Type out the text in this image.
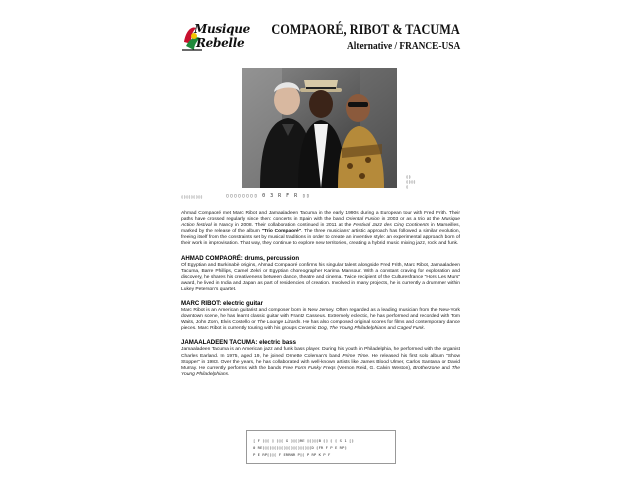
Musique
Rebelle
COMPAORÉ, RIBOT & TACUMA
Alternative / FRANCE-USA
▯▯
▯▯▯▯
▯
▯▯▯▯▯▯▯▯▯	▯▯▯▯▯▯▯▯ 0 3 R F R ▯▯

Ahmad Compaoré met Marc Ribot and Jamaaladeen Tacuma in the early 1990s during a European tour with Fred Frith. Their paths have crossed regularly since then: concerts in Spain with the band Oriental Fusion in 2003 or as a trio at the Musique Action festival in Nancy in 2008. Their collaboration continued in 2011 at the Festival Jazz des Cinq Continents in Marseilles, marked by the release of the album "Trio Compaoré". The three musicians' artistic approach has followed a similar evolution, freeing itself from the constraints set by musical traditions in order to create an inventive style: an experimental approach born of their work in improvisation. That way, they continue to explore new territories, creating a hybrid music mixing jazz, rock and funk.

AHMAD COMPAORÉ: drums, percussion

Of Egyptian and Burkinabè origins, Ahmad Compaoré confirms his singular talent alongside Fred Frith, Marc Ribot, Jamaaladeen Tacuma, Barre Phillips, Camel Zekri or Egyptian choreographer Karima Mansour. With a constant craving for exploration and discovery, he shares his creativeness between dance, theatre and cinema. Twice recipient of the Culturesfrance "Hors Les Murs" award, he lived in India and Japan as part of residencies of creation. Involved in many projects, he is currently a drummer within Lukey Peterson's quartet.

MARC RIBOT: electric guitar

Marc Ribot is an American guitarist and composer born in New Jersey. Often regarded as a leading musician from the New-York downtown scene, he has learnt classic guitar with Frantz Casseus. Extremely eclectic, he has performed and recorded with Tom Waits, John Zorn, Elvis Costello or The Lounge Lizards. He has also composed original scores for films and contemporary dance pieces. Marc Ribot is currently touring with his groups Ceramic Dog, The Young Philadelphians and Caged Funk.

JAMAALADEEN TACUMA: electric bass

Jamaaladeen Tacuma is an American jazz and funk bass player. During his youth in Philadelphia, he performed with the organist Charles Earland. In 1975, aged 19, he joined Ornette Coleman's band Prime Time. He released his first solo album "Show Stopper" in 1983. Over the years, he has collaborated with well-known artists like James Blood Ulmer, Carlos Santana or David Murray. He currently performs with the bands Free Form Funky Freqs (Vernon Reid, G. Calvin Weston), Brotherzone and The Young Philadelphians.

[ F ▯▯▯ ▯ ▯▯▯ G ▯▯▯▯RE ▯▯▯▯▯B ▯▯ ▯ ▯ S 1 [▯
0 RE▯▯▯▯▯▯▯▯▯▯▯▯▯▯▯▯▯▯▯▯▯D ▯FR F P E RP▯
P E RP▯▯▯▯ F ERRNR P▯▯ P RP K P F
